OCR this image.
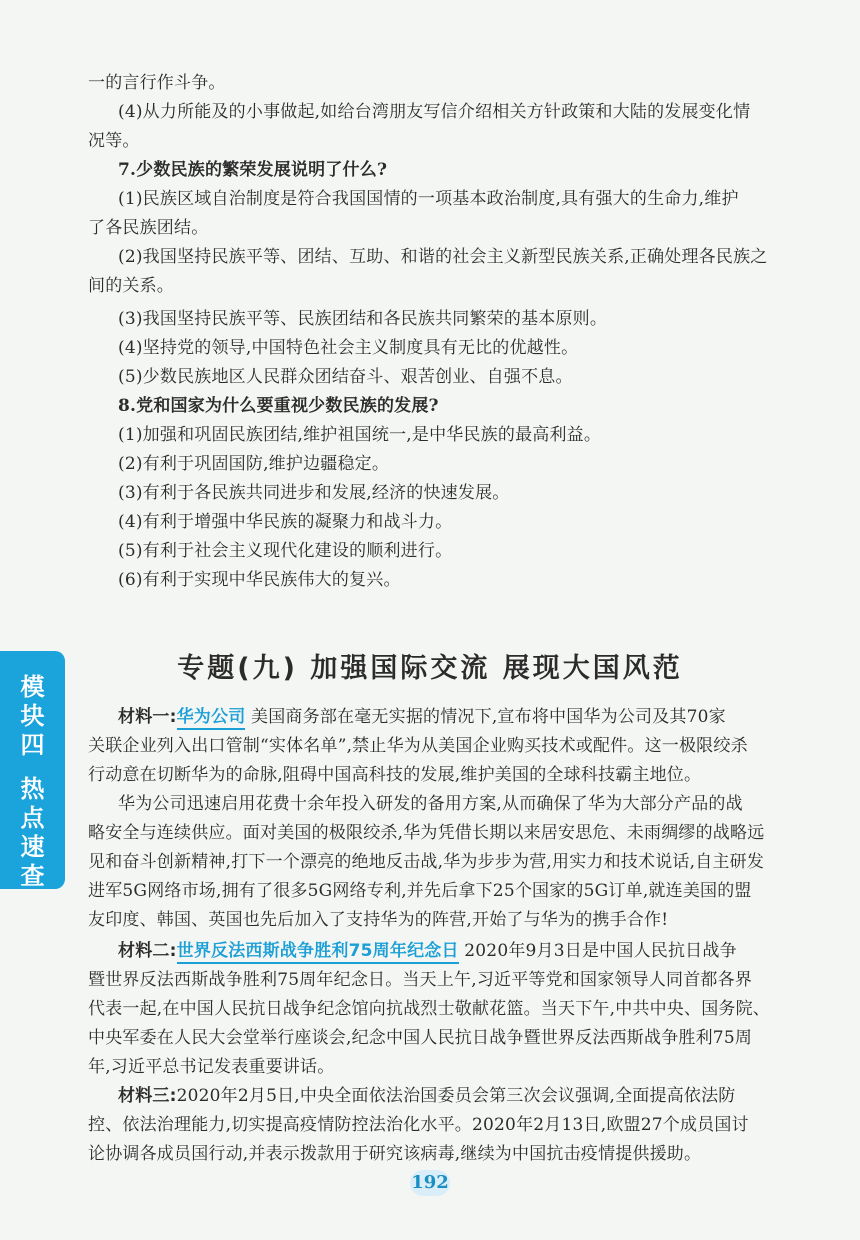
一的言行作斗争。
(4)从力所能及的小事做起,如给台湾朋友写信介绍相关方针政策和大陆的发展变化情
况等。
7.少数民族的繁荣发展说明了什么?
(1)民族区域自治制度是符合我国国情的一项基本政治制度,具有强大的生命力,维护
了各民族团结。
(2)我国坚持民族平等、团结、互助、和谐的社会主义新型民族关系,正确处理各民族之
间的关系。
(3)我国坚持民族平等、民族团结和各民族共同繁荣的基本原则。
(4)坚持党的领导,中国特色社会主义制度具有无比的优越性。
(5)少数民族地区人民群众团结奋斗、艰苦创业、自强不息。
8.党和国家为什么要重视少数民族的发展?
(1)加强和巩固民族团结,维护祖国统一,是中华民族的最高利益。
(2)有利于巩固国防,维护边疆稳定。
(3)有利于各民族共同进步和发展,经济的快速发展。
(4)有利于增强中华民族的凝聚力和战斗力。
(5)有利于社会主义现代化建设的顺利进行。
(6)有利于实现中华民族伟大的复兴。
模
块
四
热
点
速
查
专题(九) 加强国际交流 展现大国风范
材料一:华为公司 美国商务部在毫无实据的情况下,宣布将中国华为公司及其70家
关联企业列入出口管制“实体名单”,禁止华为从美国企业购买技术或配件。这一极限绞杀
行动意在切断华为的命脉,阻碍中国高科技的发展,维护美国的全球科技霸主地位。
华为公司迅速启用花费十余年投入研发的备用方案,从而确保了华为大部分产品的战
略安全与连续供应。面对美国的极限绞杀,华为凭借长期以来居安思危、未雨绸缪的战略远
见和奋斗创新精神,打下一个漂亮的绝地反击战,华为步步为营,用实力和技术说话,自主研发
进军5G网络市场,拥有了很多5G网络专利,并先后拿下25个国家的5G订单,就连美国的盟
友印度、韩国、英国也先后加入了支持华为的阵营,开始了与华为的携手合作!
材料二:世界反法西斯战争胜利75周年纪念日 2020年9月3日是中国人民抗日战争
暨世界反法西斯战争胜利75周年纪念日。当天上午,习近平等党和国家领导人同首都各界
代表一起,在中国人民抗日战争纪念馆向抗战烈士敬献花篮。当天下午,中共中央、国务院、
中央军委在人民大会堂举行座谈会,纪念中国人民抗日战争暨世界反法西斯战争胜利75周
年,习近平总书记发表重要讲话。
材料三:2020年2月5日,中央全面依法治国委员会第三次会议强调,全面提高依法防
控、依法治理能力,切实提高疫情防控法治化水平。2020年2月13日,欧盟27个成员国讨
论协调各成员国行动,并表示拨款用于研究该病毒,继续为中国抗击疫情提供援助。
192
